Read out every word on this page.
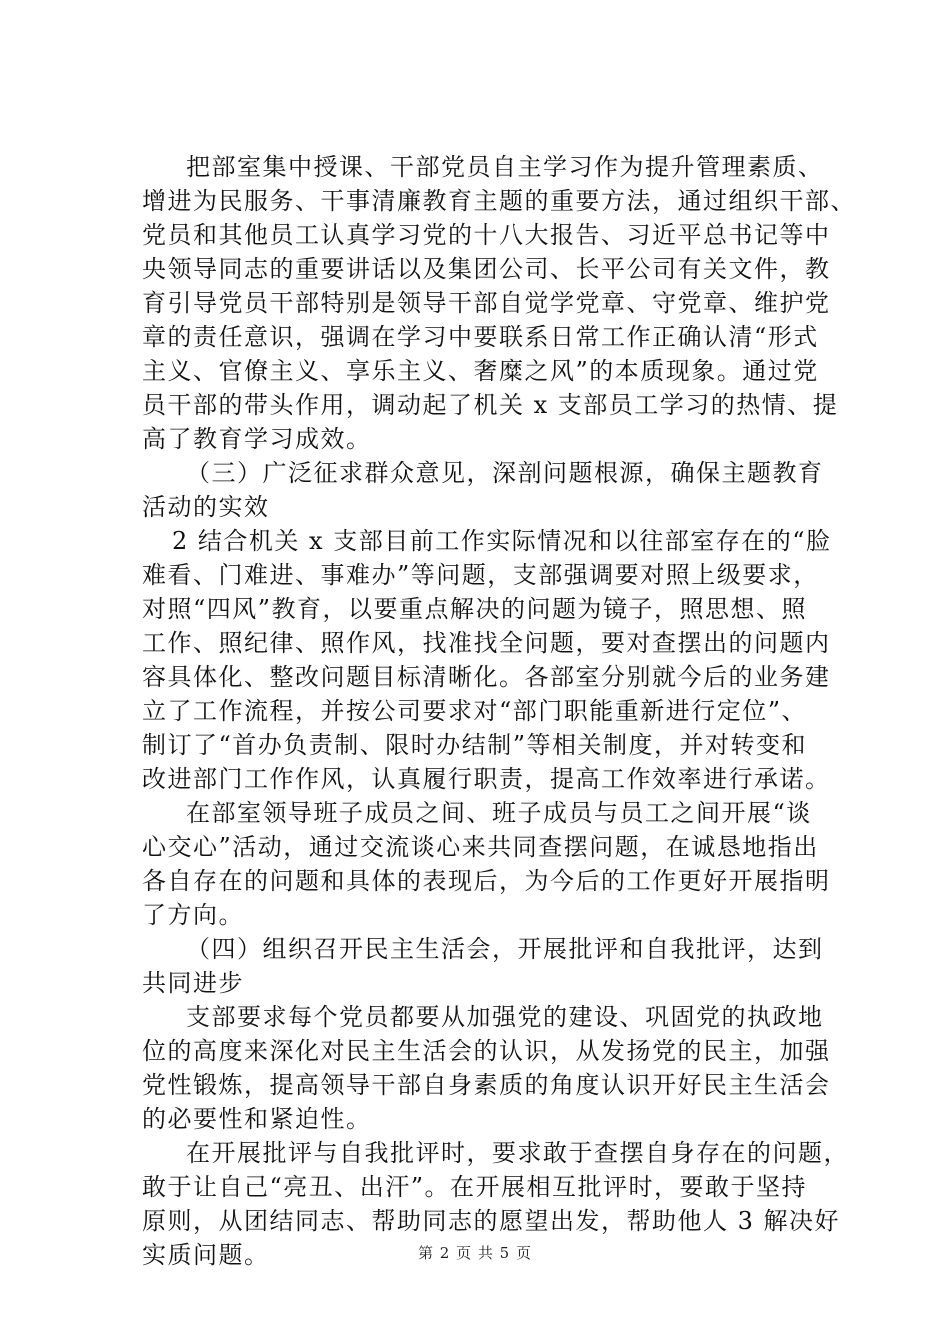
把部室集中授课、干部党员自主学习作为提升管理素质、
增进为民服务、干事清廉教育主题的重要方法，通过组织干部、
党员和其他员工认真学习党的十八大报告、习近平总书记等中
央领导同志的重要讲话以及集团公司、长平公司有关文件，教
育引导党员干部特别是领导干部自觉学党章、守党章、维护党
章的责任意识，强调在学习中要联系日常工作正确认清“形式
主义、官僚主义、享乐主义、奢糜之风”的本质现象。通过党
员干部的带头作用，调动起了机关 x 支部员工学习的热情、提
高了教育学习成效。
（三）广泛征求群众意见，深剖问题根源，确保主题教育
活动的实效
2 结合机关 x 支部目前工作实际情况和以往部室存在的“脸
难看、门难进、事难办”等问题，支部强调要对照上级要求，
对照“四风”教育，以要重点解决的问题为镜子，照思想、照
工作、照纪律、照作风，找准找全问题，要对查摆出的问题内
容具体化、整改问题目标清晰化。各部室分别就今后的业务建
立了工作流程，并按公司要求对“部门职能重新进行定位”、
制订了“首办负责制、限时办结制”等相关制度，并对转变和
改进部门工作作风，认真履行职责，提高工作效率进行承诺。
在部室领导班子成员之间、班子成员与员工之间开展“谈
心交心”活动，通过交流谈心来共同查摆问题，在诚恳地指出
各自存在的问题和具体的表现后，为今后的工作更好开展指明
了方向。
（四）组织召开民主生活会，开展批评和自我批评，达到
共同进步
支部要求每个党员都要从加强党的建设、巩固党的执政地
位的高度来深化对民主生活会的认识，从发扬党的民主，加强
党性锻炼，提高领导干部自身素质的角度认识开好民主生活会
的必要性和紧迫性。
在开展批评与自我批评时，要求敢于查摆自身存在的问题，
敢于让自己“亮丑、出汗”。在开展相互批评时，要敢于坚持
原则，从团结同志、帮助同志的愿望出发，帮助他人 3 解决好
实质问题。	第 2 页 共 5 页
